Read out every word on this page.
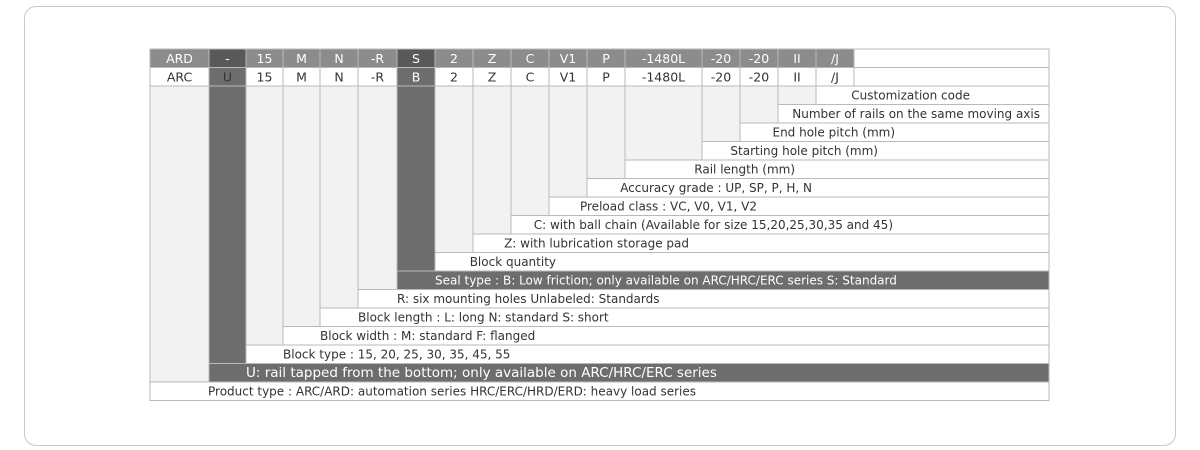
ARD	- 15 M N -R S 2 Z C V1 P	-1480L -20 -20 II /J
ARC U 15 M N -R B 2 Z C V1 P	-1480L -20 -20 II /J
Customization code
Number of rails on the same moving axis
End hole pitch (mm)
Starting hole pitch (mm)
Rail length (mm)
Accuracy grade : UP, SP, P, H, N
Preload class : VC, V0, V1, V2
C: with ball chain (Available for size 15,20,25,30,35 and 45)
Z: with lubrication storage pad
Block quantity
Seal type : B: Low friction; only available on ARC/HRC/ERC series S: Standard
R: six mounting holes Unlabeled: Standards
Block length : L: long N: standard S: short
Block width : M: standard F: flanged
Block type : 15, 20, 25, 30, 35, 45, 55
U: rail tapped from the bottom; only available on ARC/HRC/ERC series
Product type : ARC/ARD: automation series HRC/ERC/HRD/ERD: heavy load series
